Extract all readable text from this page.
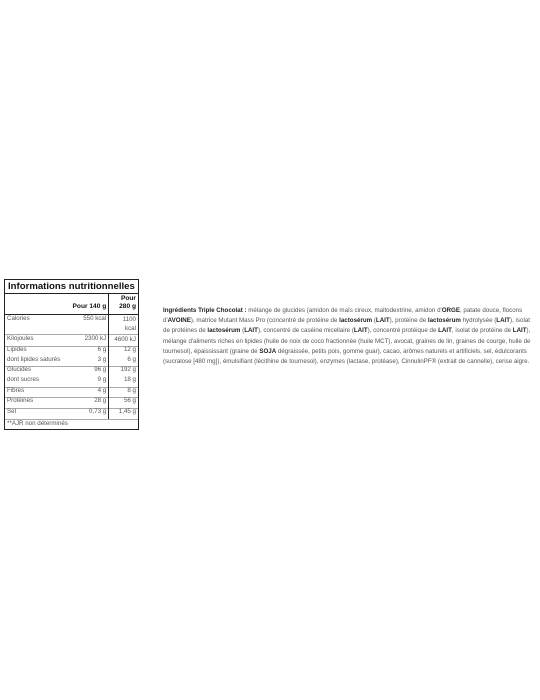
Informations nutritionnelles
	Pour 140 g	Pour 280 g
Calories	550 kcal	1100 kcal
Kilojoules	2300 kJ	4600 kJ
Lipides	6 g	12 g
dont lipides saturés	3 g	6 g
Glucides	96 g	192 g
dont sucres	9 g	18 g
Fibres	4 g	8 g
Protéines	28 g	56 g
Sel	0,73 g	1,45 g
**AJR non déterminés

Ingrédients Triple Chocolat : mélange de glucides (amidon de maïs cireux, maltodextrine, amidon d'ORGE, patate douce, flocons d'AVOINE), matrice Mutant Mass Pro (concentré de protéine de lactosérum (LAIT), protéine de lactosérum hydrolysée (LAIT), isolat de protéines de lactosérum (LAIT), concentré de caséine micellaire (LAIT), concentré protéique de LAIT, isolat de protéine de LAIT), mélange d'aliments riches en lipides (huile de noix de coco fractionnée (huile MCT), avocat, graines de lin, graines de courge, huile de tournesol), épaississant (graine de SOJA dégraissée, petits pois, gomme guar), cacao, arômes naturels et artificiels, sel, édulcorants (sucralose [480 mg]), émulsifiant (lécithine de tournesol), enzymes (lactase, protéase), CinnulinPF® (extrait de cannelle), cerise aigre.
